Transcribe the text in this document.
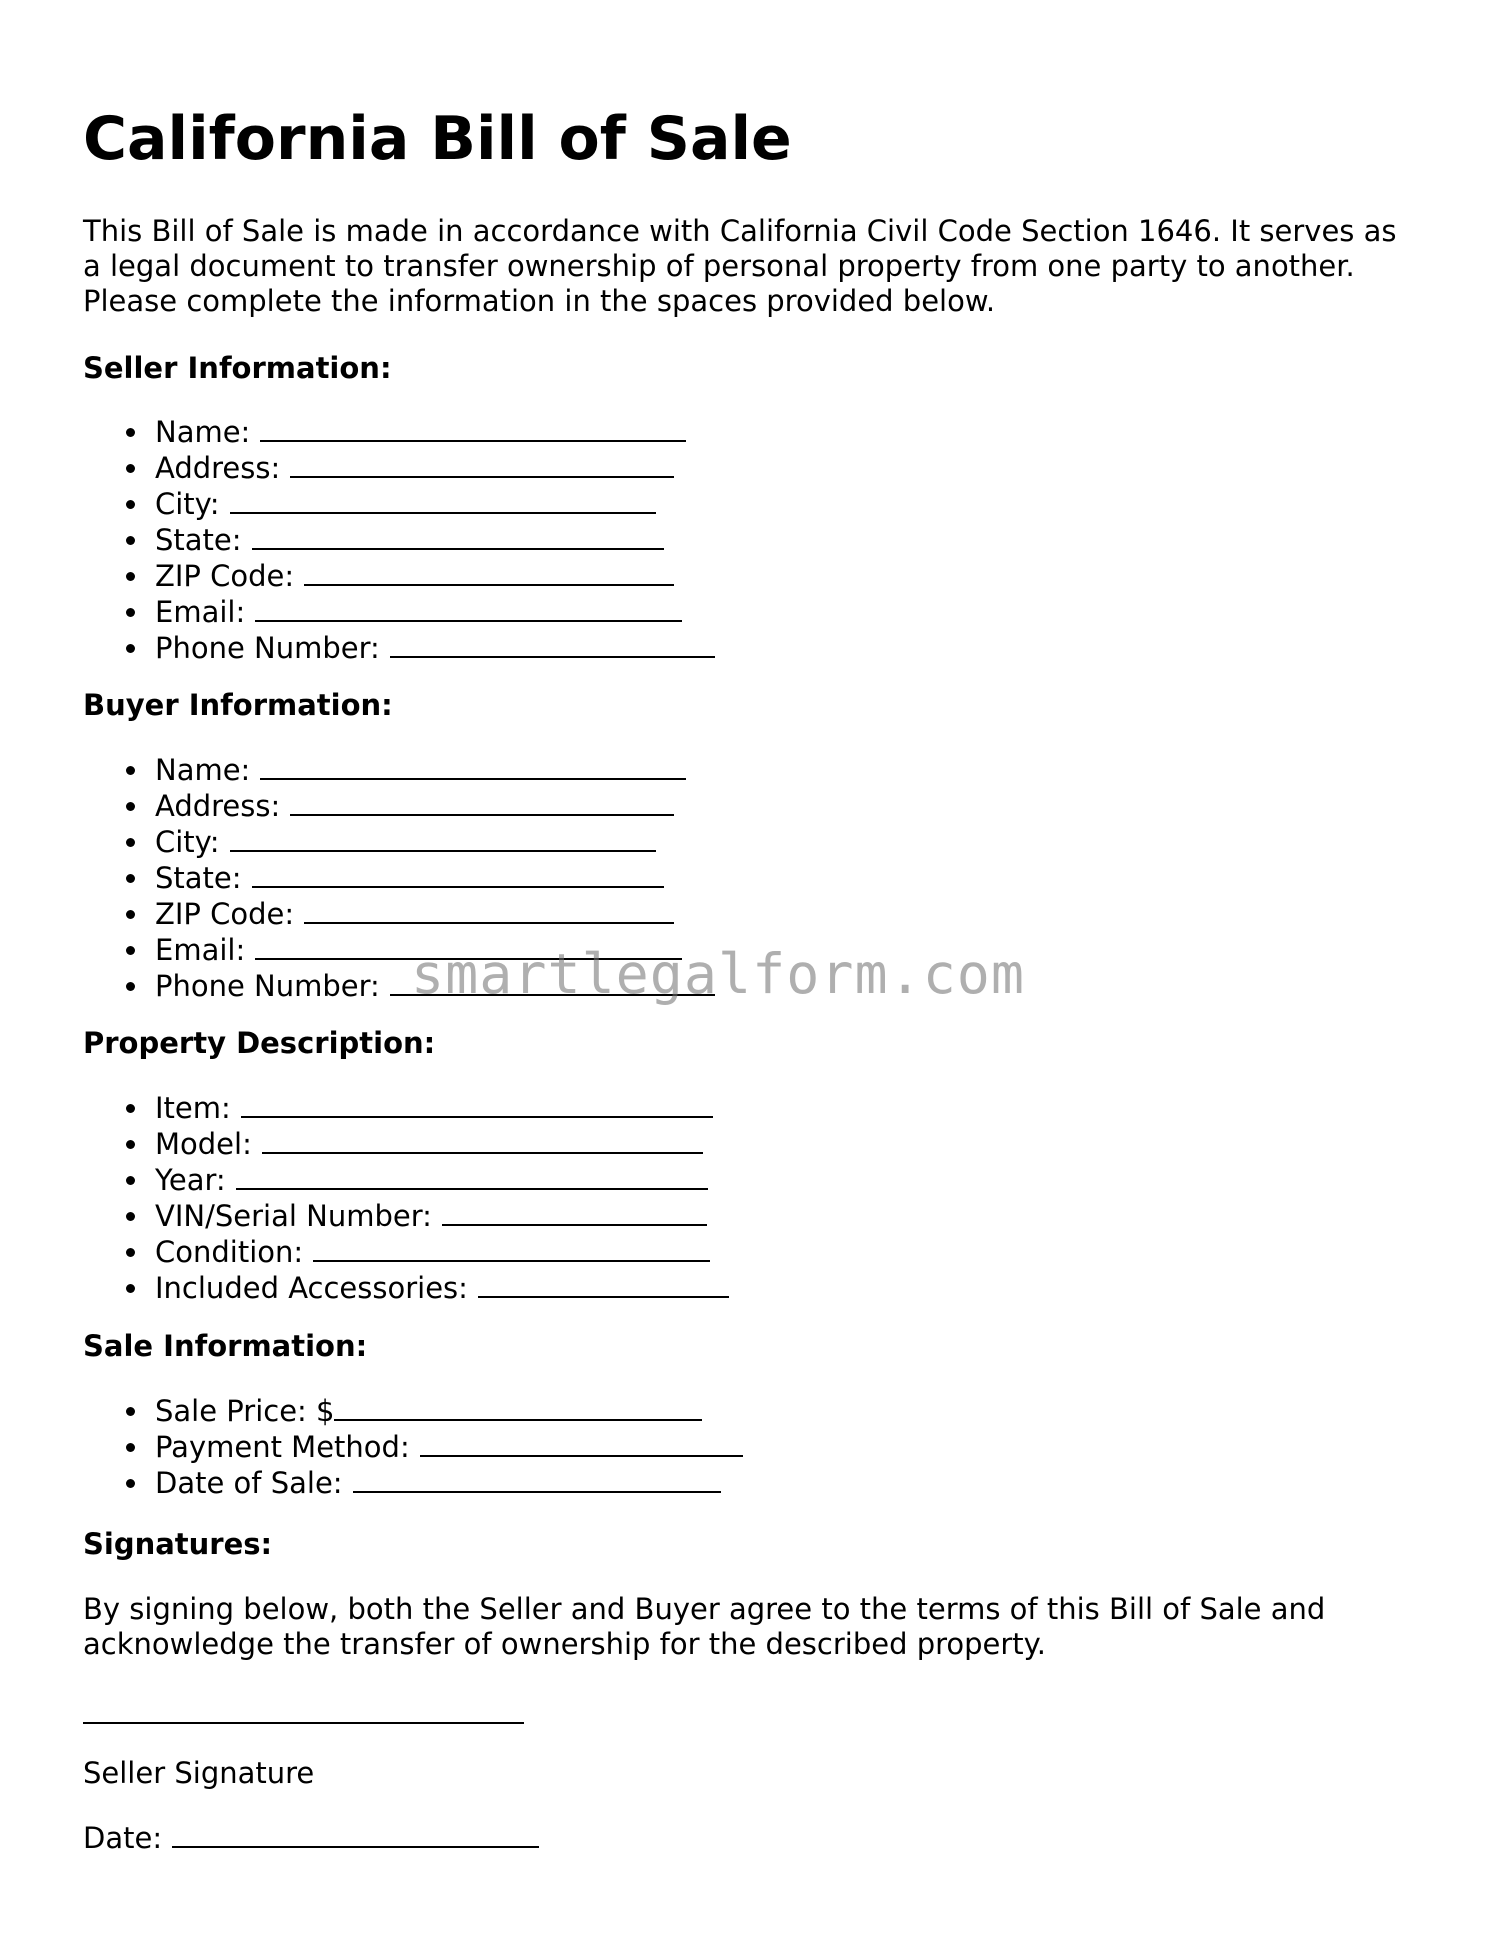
California Bill of Sale

This Bill of Sale is made in accordance with California Civil Code Section 1646. It serves as a legal document to transfer ownership of personal property from one party to another. Please complete the information in the spaces provided below.

Seller Information:

Name:
Address:
City:
State:
ZIP Code:
Email:
Phone Number:

Buyer Information:

Name:
Address:
City:
State:
ZIP Code:
Email:
Phone Number:

Property Description:

Item:
Model:
Year:
VIN/Serial Number:
Condition:
Included Accessories:

Sale Information:

Sale Price: $
Payment Method:
Date of Sale:

Signatures:

By signing below, both the Seller and Buyer agree to the terms of this Bill of Sale and acknowledge the transfer of ownership for the described property.

Seller Signature

Date:

smartlegalform.com
